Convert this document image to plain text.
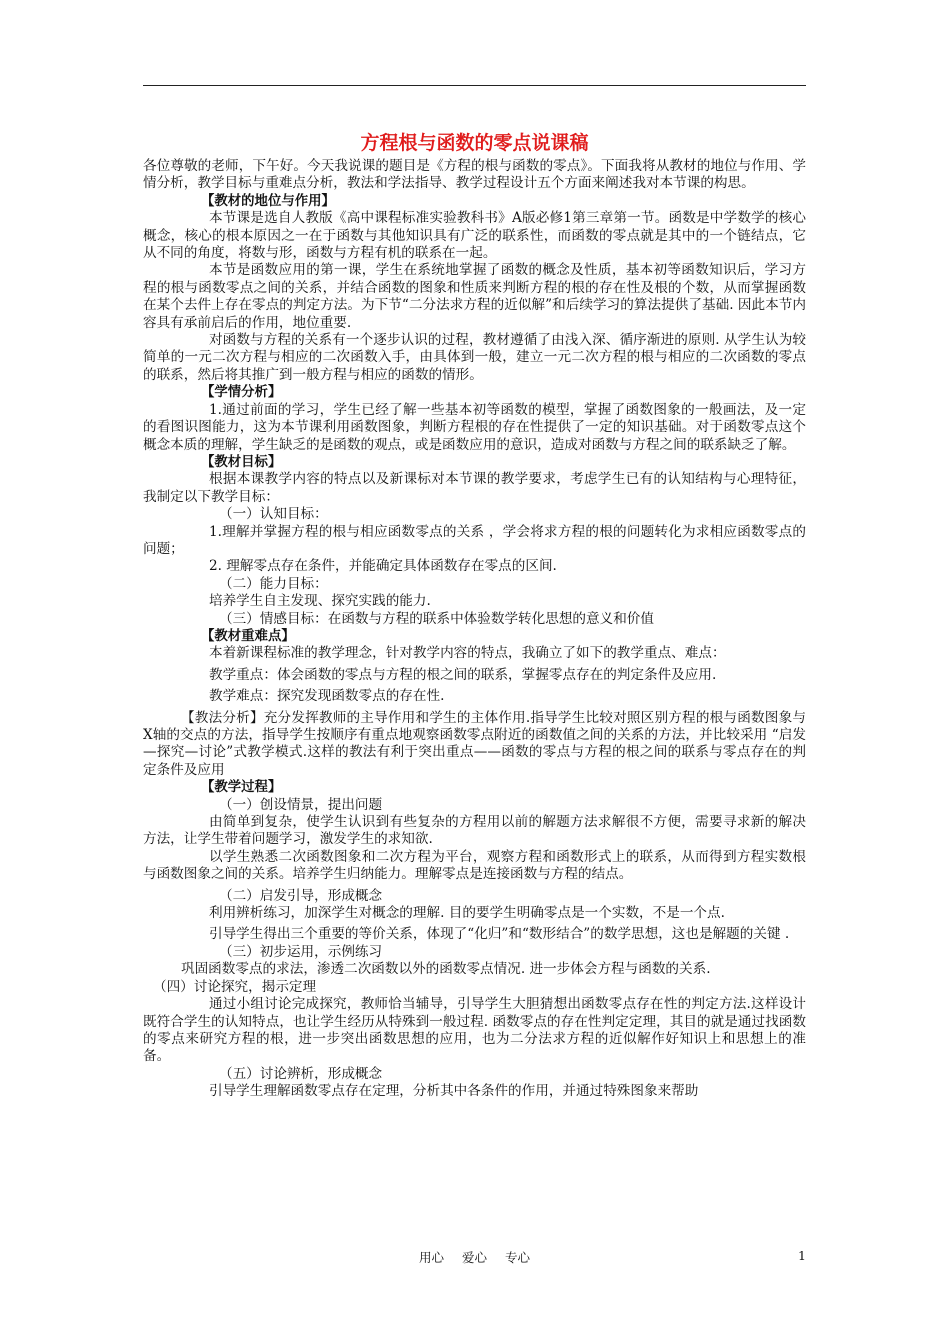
方程根与函数的零点说课稿

各位尊敬的老师，下午好。今天我说课的题目是《方程的根与函数的零点》。下面我将从教材的地位与作用、学情分析，教学目标与重难点分析，教法和学法指导、教学过程设计五个方面来阐述我对本节课的构思。

【教材的地位与作用】

本节课是选自人教版《高中课程标准实验教科书》A版必修1第三章第一节。函数是中学数学的核心概念，核心的根本原因之一在于函数与其他知识具有广泛的联系性，而函数的零点就是其中的一个链结点，它从不同的角度，将数与形，函数与方程有机的联系在一起。

本节是函数应用的第一课，学生在系统地掌握了函数的概念及性质，基本初等函数知识后，学习方程的根与函数零点之间的关系，并结合函数的图象和性质来判断方程的根的存在性及根的个数，从而掌握函数在某个去件上存在零点的判定方法。为下节“二分法求方程的近似解”和后续学习的算法提供了基础. 因此本节内容具有承前启后的作用，地位重要.

对函数与方程的关系有一个逐步认识的过程，教材遵循了由浅入深、循序渐进的原则. 从学生认为较简单的一元二次方程与相应的二次函数入手，由具体到一般，建立一元二次方程的根与相应的二次函数的零点的联系，然后将其推广到一般方程与相应的函数的情形。

【学情分析】

1.通过前面的学习，学生已经了解一些基本初等函数的模型，掌握了函数图象的一般画法，及一定的看图识图能力，这为本节课利用函数图象，判断方程根的存在性提供了一定的知识基础。对于函数零点这个概念本质的理解，学生缺乏的是函数的观点，或是函数应用的意识，造成对函数与方程之间的联系缺乏了解。

【教材目标】

根据本课教学内容的特点以及新课标对本节课的教学要求，考虑学生已有的认知结构与心理特征，我制定以下教学目标：

（一）认知目标：

1.理解并掌握方程的根与相应函数零点的关系 ，学会将求方程的根的问题转化为求相应函数零点的问题；

2. 理解零点存在条件，并能确定具体函数存在零点的区间.

（二）能力目标：

培养学生自主发现、探究实践的能力.

（三）情感目标：在函数与方程的联系中体验数学转化思想的意义和价值

【教材重难点】

本着新课程标准的教学理念，针对教学内容的特点，我确立了如下的教学重点、难点：

教学重点：体会函数的零点与方程的根之间的联系，掌握零点存在的判定条件及应用.

教学难点：探究发现函数零点的存在性.

【教法分析】充分发挥教师的主导作用和学生的主体作用.指导学生比较对照区别方程的根与函数图象与X轴的交点的方法，指导学生按顺序有重点地观察函数零点附近的函数值之间的关系的方法，并比较采用 “启发—探究—讨论”式教学模式.这样的教法有利于突出重点——函数的零点与方程的根之间的联系与零点存在的判定条件及应用

【教学过程】

（一）创设情景，提出问题

由简单到复杂，使学生认识到有些复杂的方程用以前的解题方法求解很不方便，需要寻求新的解决方法，让学生带着问题学习，激发学生的求知欲.

以学生熟悉二次函数图象和二次方程为平台，观察方程和函数形式上的联系，从而得到方程实数根与函数图象之间的关系。培养学生归纳能力。理解零点是连接函数与方程的结点。

（二）启发引导，形成概念

利用辨析练习，加深学生对概念的理解. 目的要学生明确零点是一个实数，不是一个点.

引导学生得出三个重要的等价关系，体现了“化归”和“数形结合”的数学思想，这也是解题的关键 .

（三）初步运用，示例练习

巩固函数零点的求法，渗透二次函数以外的函数零点情况. 进一步体会方程与函数的关系.

（四）讨论探究，揭示定理

通过小组讨论完成探究，教师恰当辅导，引导学生大胆猜想出函数零点存在性的判定方法.这样设计既符合学生的认知特点，也让学生经历从特殊到一般过程. 函数零点的存在性判定定理，其目的就是通过找函数的零点来研究方程的根，进一步突出函数思想的应用，也为二分法求方程的近似解作好知识上和思想上的准备。

（五）讨论辨析，形成概念

引导学生理解函数零点存在定理，分析其中各条件的作用，并通过特殊图象来帮助

用心 爱心 专心	1
